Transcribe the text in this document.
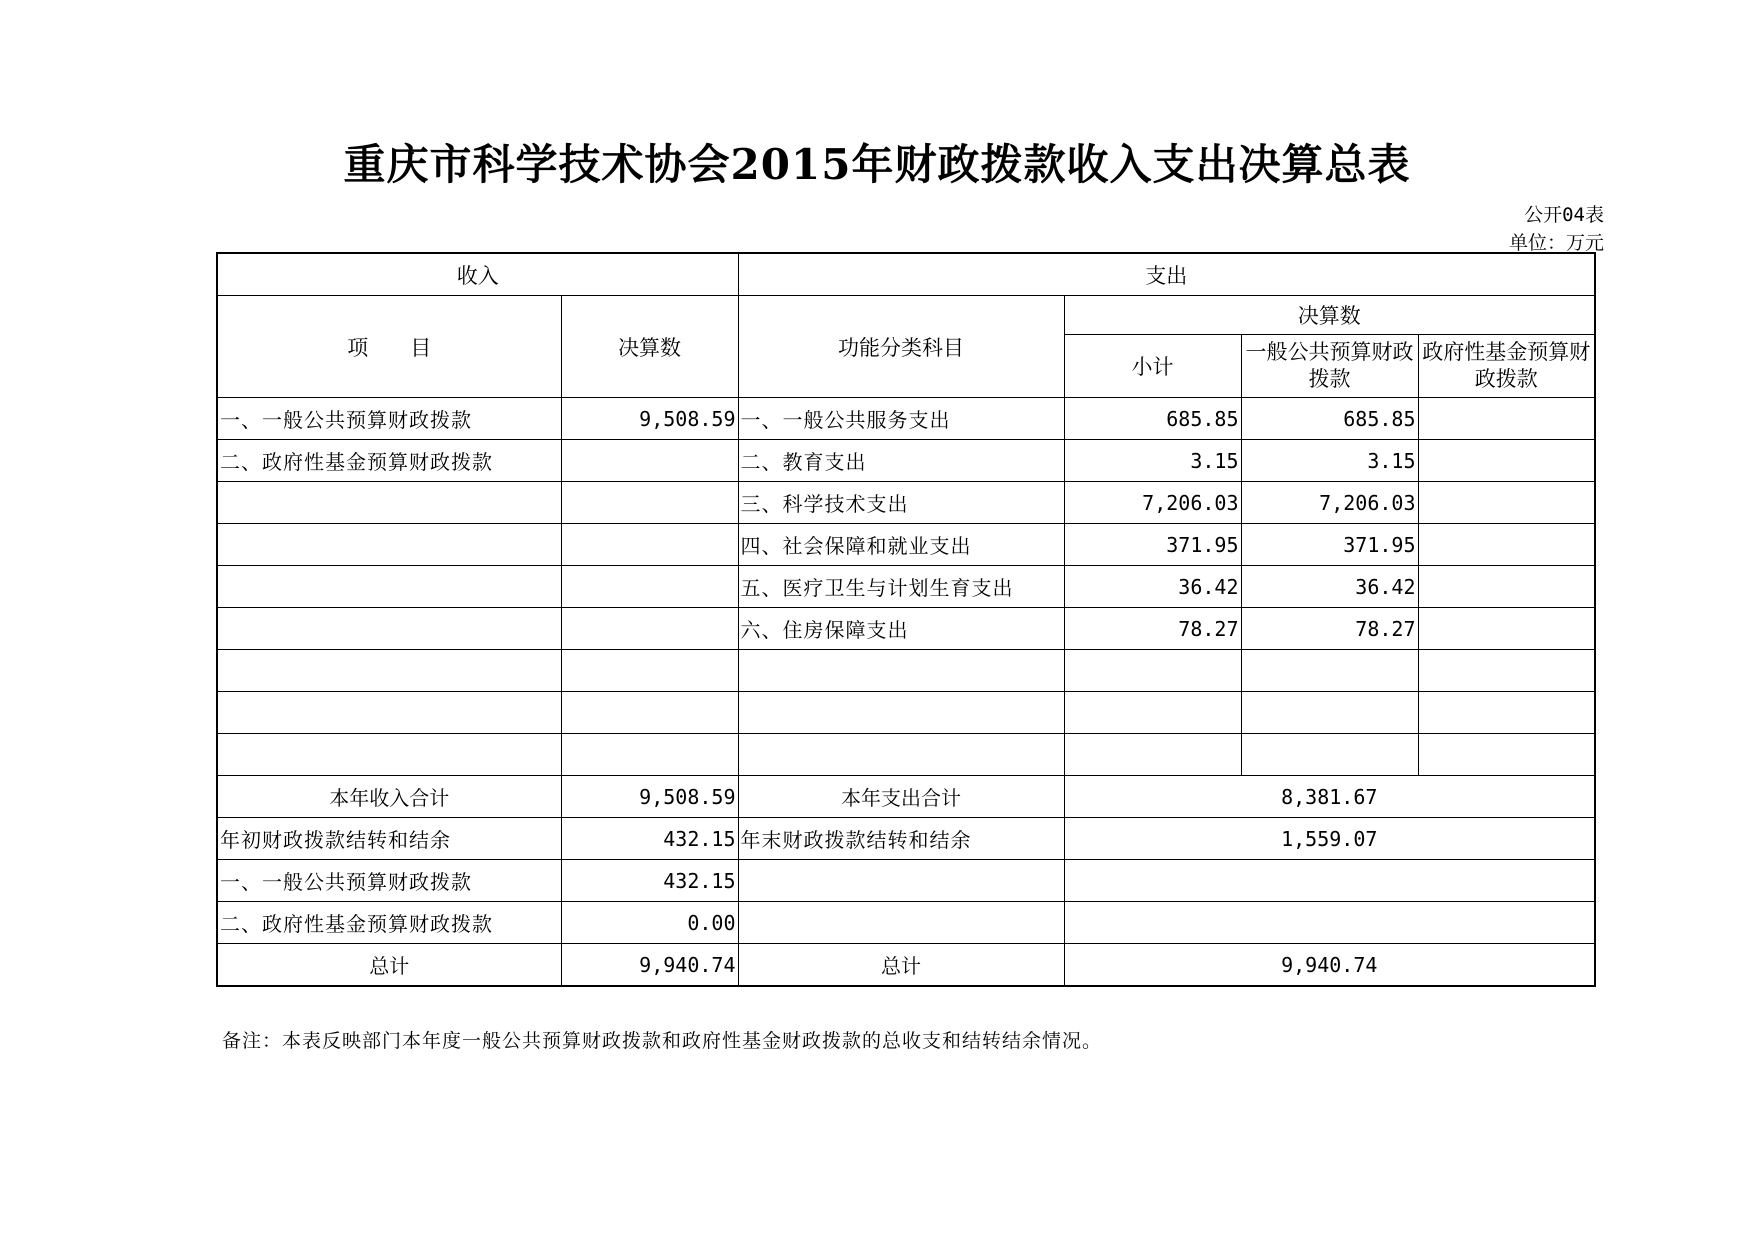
重庆市科学技术协会2015年财政拨款收入支出决算总表
公开04表
单位：万元
收入		支出			
项　　目	决算数	功能分类科目	决算数		
			小计	一般公共预算财政拨款	政府性基金预算财政拨款
一、一般公共预算财政拨款	9,508.59	一、一般公共服务支出	685.85	685.85	
二、政府性基金预算财政拨款		二、教育支出	3.15	3.15	
		三、科学技术支出	7,206.03	7,206.03	
		四、社会保障和就业支出	371.95	371.95	
		五、医疗卫生与计划生育支出	36.42	36.42	
		六、住房保障支出	78.27	78.27	

本年收入合计	9,508.59	本年支出合计	8,381.67		
年初财政拨款结转和结余	432.15	年末财政拨款结转和结余	1,559.07		
一、一般公共预算财政拨款	432.15				
二、政府性基金预算财政拨款	0.00				
总计	9,940.74	总计	9,940.74		
备注：本表反映部门本年度一般公共预算财政拨款和政府性基金财政拨款的总收支和结转结余情况。
